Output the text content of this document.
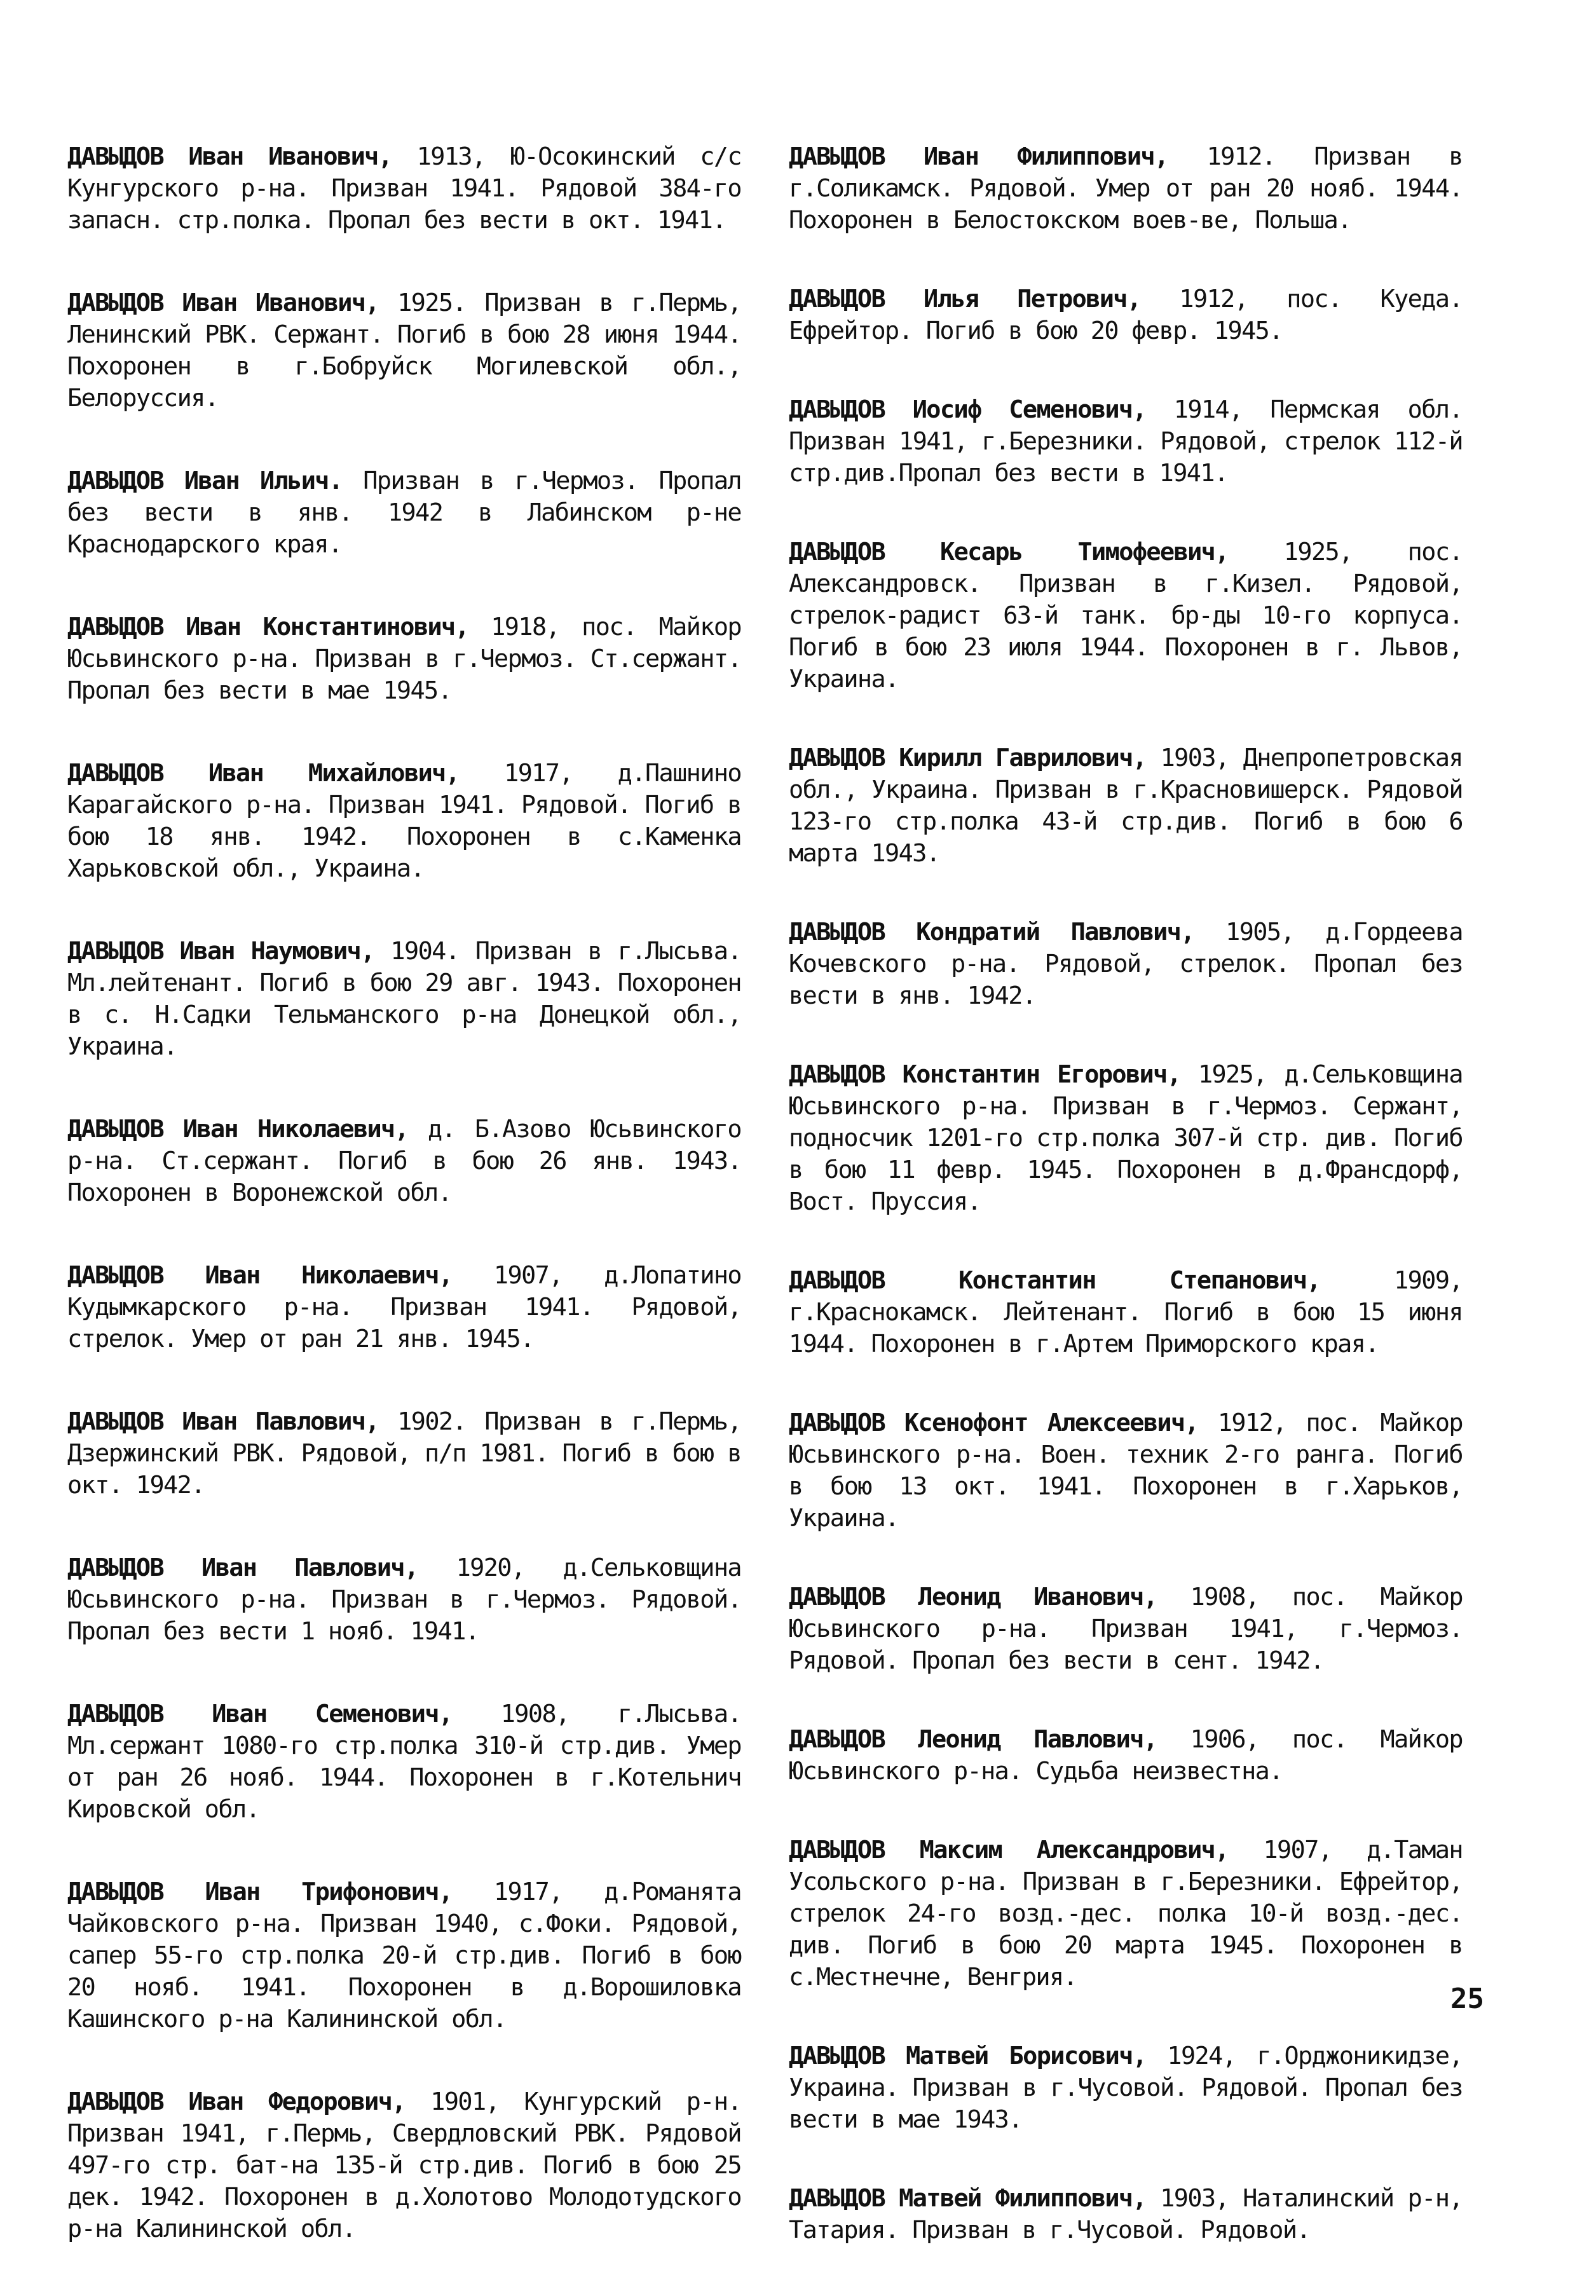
ДАВЫДОВ Иван Иванович, 1913, Ю-Осокинский с/с Кунгурского р-на. Призван 1941. Рядовой 384-го запасн. стр.полка. Пропал без вести в окт. 1941.

ДАВЫДОВ Иван Иванович, 1925. Призван в г.Пермь, Ленинский РВК. Сержант. Погиб в бою 28 июня 1944. Похоронен в г.Бобруйск Могилевской обл., Белоруссия.

ДАВЫДОВ Иван Ильич. Призван в г.Чермоз. Пропал без вести в янв. 1942 в Лабинском р-не Краснодарского края.

ДАВЫДОВ Иван Константинович, 1918, пос. Майкор Юсьвинского р-на. Призван в г.Чермоз. Ст.сержант. Пропал без вести в мае 1945.

ДАВЫДОВ Иван Михайлович, 1917, д.Пашнино Карагайского р-на. Призван 1941. Рядовой. Погиб в бою 18 янв. 1942. Похоронен в с.Каменка Харьковской обл., Украина.

ДАВЫДОВ Иван Наумович, 1904. Призван в г.Лысьва. Мл.лейтенант. Погиб в бою 29 авг. 1943. Похоронен в с. Н.Садки Тельманского р-на Донецкой обл., Украина.

ДАВЫДОВ Иван Николаевич, д. Б.Азово Юсьвинского р-на. Ст.сержант. Погиб в бою 26 янв. 1943. Похоронен в Воронежской обл.

ДАВЫДОВ Иван Николаевич, 1907, д.Лопатино Кудымкарского р-на. Призван 1941. Рядовой, стрелок. Умер от ран 21 янв. 1945.

ДАВЫДОВ Иван Павлович, 1902. Призван в г.Пермь, Дзержинский РВК. Рядовой, п/п 1981. Погиб в бою в окт. 1942.

ДАВЫДОВ Иван Павлович, 1920, д.Сельковщина Юсьвинского р-на. Призван в г.Чермоз. Рядовой. Пропал без вести 1 нояб. 1941.

ДАВЫДОВ Иван Семенович, 1908, г.Лысьва. Мл.сержант 1080-го стр.полка 310-й стр.див. Умер от ран 26 нояб. 1944. Похоронен в г.Котельнич Кировской обл.

ДАВЫДОВ Иван Трифонович, 1917, д.Романята Чайковского р-на. Призван 1940, с.Фоки. Рядовой, сапер 55-го стр.полка 20-й стр.див. Погиб в бою 20 нояб. 1941. Похоронен в д.Ворошиловка Кашинского р-на Калининской обл.

ДАВЫДОВ Иван Федорович, 1901, Кунгурский р-н. Призван 1941, г.Пермь, Свердловский РВК. Рядовой 497-го стр. бат-на 135-й стр.див. Погиб в бою 25 дек. 1942. Похоронен в д.Холотово Молодотудского р-на Калининской обл.

ДАВЫДОВ Иван Филиппович, 1912. Призван в г.Соликамск. Рядовой. Умер от ран 20 нояб. 1944. Похоронен в Белостокском воев-ве, Польша.

ДАВЫДОВ Илья Петрович, 1912, пос. Куеда. Ефрейтор. Погиб в бою 20 февр. 1945.

ДАВЫДОВ Иосиф Семенович, 1914, Пермская обл. Призван 1941, г.Березники. Рядовой, стрелок 112-й стр.див.Пропал без вести в 1941.

ДАВЫДОВ Кесарь Тимофеевич, 1925, пос. Александровск. Призван в г.Кизел. Рядовой, стрелок-радист 63-й танк. бр-ды 10-го корпуса. Погиб в бою 23 июля 1944. Похоронен в г. Львов, Украина.

ДАВЫДОВ Кирилл Гаврилович, 1903, Днепропетровская обл., Украина. Призван в г.Красновишерск. Рядовой 123-го стр.полка 43-й стр.див. Погиб в бою 6 марта 1943.

ДАВЫДОВ Кондратий Павлович, 1905, д.Гордеева Кочевского р-на. Рядовой, стрелок. Пропал без вести в янв. 1942.

ДАВЫДОВ Константин Егорович, 1925, д.Сельковщина Юсьвинского р-на. Призван в г.Чермоз. Сержант, подносчик 1201-го стр.полка 307-й стр. див. Погиб в бою 11 февр. 1945. Похоронен в д.Франсдорф, Вост. Пруссия.

ДАВЫДОВ Константин Степанович,	1909, г.Краснокамск. Лейтенант. Погиб в бою 15 июня 1944. Похоронен в г.Артем Приморского края.

ДАВЫДОВ Ксенофонт Алексеевич, 1912, пос. Майкор Юсьвинского р-на. Воен. техник 2-го ранга. Погиб в бою 13 окт. 1941. Похоронен в г.Харьков, Украина.

ДАВЫДОВ Леонид Иванович, 1908, пос. Майкор Юсьвинского р-на. Призван 1941, г.Чермоз. Рядовой. Пропал без вести в сент. 1942.

ДАВЫДОВ Леонид Павлович, 1906, пос. Майкор Юсьвинского р-на. Судьба неизвестна.

ДАВЫДОВ Максим Александрович, 1907, д.Таман Усольского р-на. Призван в г.Березники. Ефрейтор, стрелок 24-го возд.-дес. полка 10-й возд.-дес. див. Погиб в бою 20 марта 1945. Похоронен в с.Местнечне, Венгрия.

ДАВЫДОВ Матвей Борисович, 1924, г.Орджоникидзе, Украина. Призван в г.Чусовой. Рядовой. Пропал без вести в мае 1943.

ДАВЫДОВ Матвей Филиппович, 1903, Наталинский р-н, Татария. Призван в г.Чусовой. Рядовой.

25
